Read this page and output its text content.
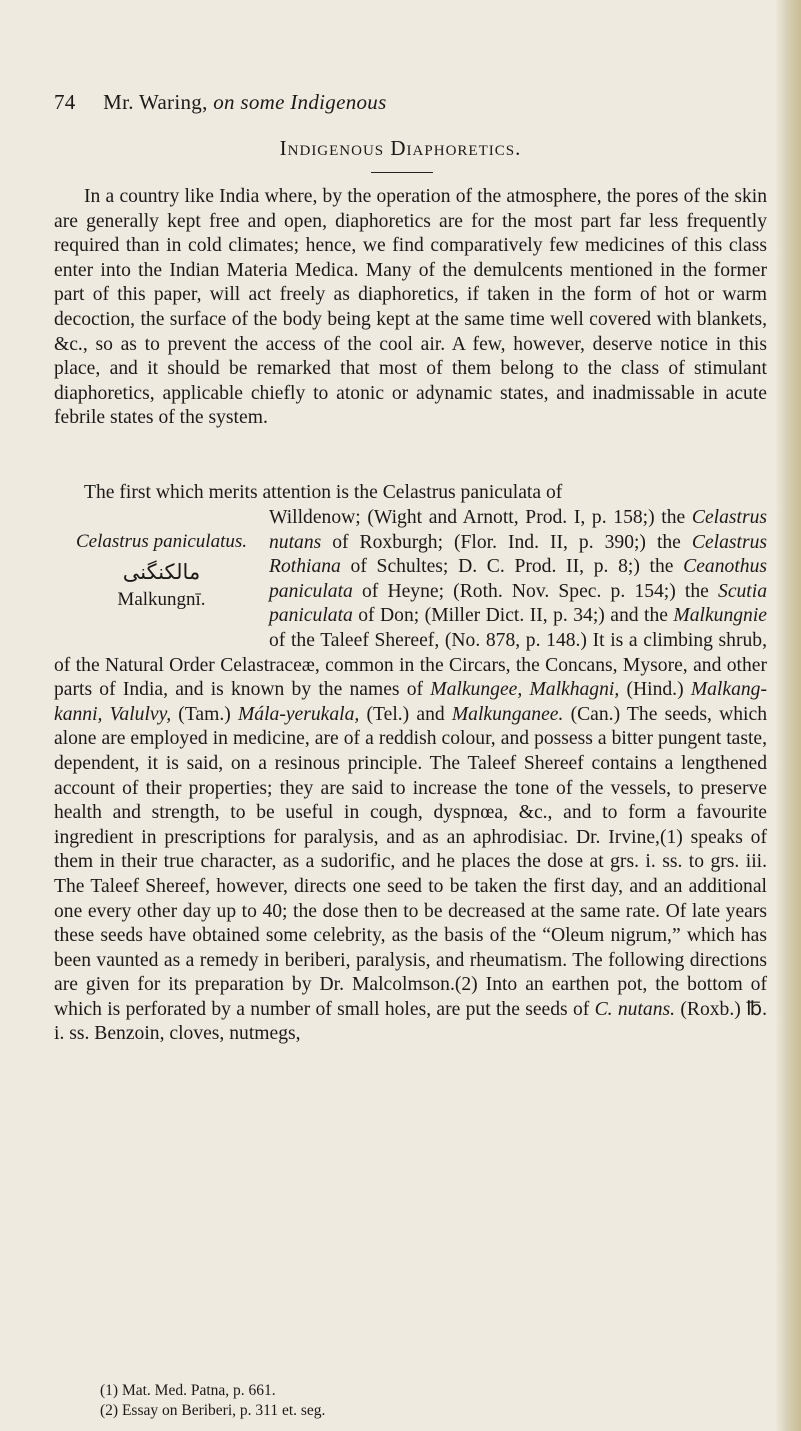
74 Mr. Waring, on some Indigenous
Indigenous Diaphoretics.

In a country like India where, by the operation of the atmosphere, the pores of the skin are generally kept free and open, diaphoretics are for the most part far less frequently required than in cold climates; hence, we find comparatively few medicines of this class enter into the Indian Materia Medica. Many of the demulcents mentioned in the former part of this paper, will act freely as diaphoretics, if taken in the form of hot or warm decoction, the surface of the body being kept at the same time well covered with blankets, &c., so as to prevent the access of the cool air. A few, however, deserve notice in this place, and it should be remarked that most of them belong to the class of stimulant diaphoretics, applicable chiefly to atonic or adynamic states, and inadmissable in acute febrile states of the system.

The first which merits attention is the Celastrus paniculata of

Celastrus paniculatus.
مالکنگنی
Malkungnī.
Willdenow; (Wight and Arnott, Prod. I, p. 158;) the Celastrus nutans of Roxburgh; (Flor. Ind. II, p. 390;) the Celastrus Rothiana of Schultes; D. C. Prod. II, p. 8;) the Ceanothus paniculata of Heyne; (Roth. Nov. Spec. p. 154;) the Scutia paniculata of Don; (Miller Dict. II, p. 34;) and the Malkungnie of the Taleef Shereef, (No. 878, p. 148.) It is a climbing shrub, of the Natural Order Celastraceæ, common in the Circars, the Concans, Mysore, and other parts of India, and is known by the names of Malkungee, Malkhagni, (Hind.) Malkang-kanni, Valulvy, (Tam.) Mála-yerukala, (Tel.) and Malkunganee. (Can.) The seeds, which alone are employed in medicine, are of a reddish colour, and possess a bitter pungent taste, dependent, it is said, on a resinous principle. The Taleef Shereef contains a lengthened account of their properties; they are said to increase the tone of the vessels, to preserve health and strength, to be useful in cough, dyspnœa, &c., and to form a favourite ingredient in prescriptions for paralysis, and as an aphrodisiac. Dr. Irvine,(1) speaks of them in their true character, as a sudorific, and he places the dose at grs. i. ss. to grs. iii. The Taleef Shereef, however, directs one seed to be taken the first day, and an additional one every other day up to 40; the dose then to be decreased at the same rate. Of late years these seeds have obtained some celebrity, as the basis of the “Oleum nigrum,” which has been vaunted as a remedy in beriberi, paralysis, and rheumatism. The following directions are given for its preparation by Dr. Malcolmson.(2) Into an earthen pot, the bottom of which is perforated by a number of small holes, are put the seeds of C. nutans. (Roxb.) ℔. i. ss. Benzoin, cloves, nutmegs,
(1) Mat. Med. Patna, p. 661.
(2) Essay on Beriberi, p. 311 et. seg.
